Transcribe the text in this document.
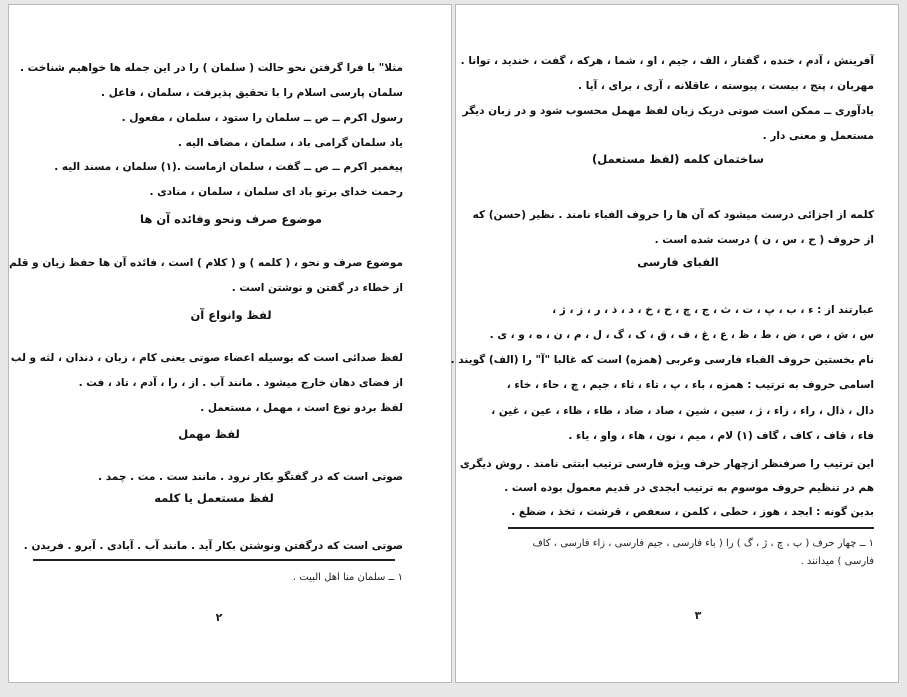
مثلا" با فرا گرفتن نحو حالت ( سلمان ) را در این جمله ها خواهیم شناخت .
سلمان پارسی اسلام را با تحقیق پذیرفت ، سلمان ، فاعل .
رسول اکرم ــ ص ــ سلمان را ستود ، سلمان ، مفعول .
یاد سلمان گرامی باد ، سلمان ، مضاف الیه .
پیغمبر اکرم ــ ص ــ گفت ، سلمان ازماست .(۱) سلمان ، مسند الیه .
رحمت خدای برتو باد ای سلمان ، سلمان ، منادی .
موضوع صرف ونحو وفائده آن ها
موضوع صرف و نحو ، ( کلمه ) و ( کلام ) است ، فائده آن ها حفظ زبان و قلم
از خطاء در گفتن و نوشتن است .
لفظ وانواع آن
لفظ صدائی است که بوسیله اعضاء صوتی یعنی کام ، زبان ، دندان ، لثه و لب
از فضای دهان خارج میشود . مانند آب . از ، را ، آدم ، تاد ، فت .
لفظ بردو نوع است ، مهمل ، مستعمل .
لفظ مهمل
صوتی است که در گفتگو بکار نرود . مانند ست . مت . چمد .
لفظ مستعمل یا کلمه
صوتی است که درگفتن ونوشتن بکار آید . مانند آب . آبادی . آبرو . فریدن .
۱ ــ سلمان منا اهل البیت .
۲
آفرینش ، آدم ، خنده ، گفتار ، الف ، جیم ، او ، شما ، هرکه ، گفت ، خندید ، توانا .
مهربان ، پنج ، بیست ، پیوسته ، عاقلانه ، آری ، برای ، آیا .
یادآوری ــ ممکن است صوتی دریک زبان لفظ مهمل محسوب شود و در زبان دیگر
مستعمل و معنی دار .
ساختمان کلمه (لفظ مستعمل)
کلمه از اجزائی درست میشود که آن ها را حروف الفباء نامند . نظیر (حسن) که
از حروف ( ح ، س ، ن ) درست شده است .
الفبای فارسی
عبارتند از : ء ، ب ، پ ، ت ، ث ، ج ، چ ، ح ، خ ، د ، ذ ، ر ، ز ، ژ ،
س ، ش ، ص ، ض ، ط ، ظ ، ع ، غ ، ف ، ق ، ک ، گ ، ل ، م ، ن ، ه ، و ، ی .
نام بخستین حروف الفباء فارسی وعربی (همزه) است که غالبا "آ" را (الف) گویند .
اسامی حروف به ترتیب : همزه ، باء ، پ ، تاء ، ثاء ، جیم ، چ ، حاء ، خاء ،
دال ، ذال ، راء ، زاء ، ژ ، سین ، شین ، صاد ، ضاد ، طاء ، ظاء ، عین ، غین ،
فاء ، قاف ، کاف ، گاف (۱) لام ، میم ، نون ، هاء ، واو ، یاء .
این ترتیب را صرفنظر ازچهار حرف ویژه فارسی ترتیب ابتثی نامند . روش دیگری
هم در تنظیم حروف موسوم به ترتیب ابجدی در قدیم معمول بوده است .
بدین گونه : ابجد ، هوز ، حطی ، کلمن ، سعفص ، قرشت ، ثخذ ، ضظغ .
۱ ــ چهار حرف ( پ ، چ ، ژ ، گ ) را ( باء فارسی ، جیم فارسی ، زاء فارسی ، کاف
فارسی ) میدانند .
۳
